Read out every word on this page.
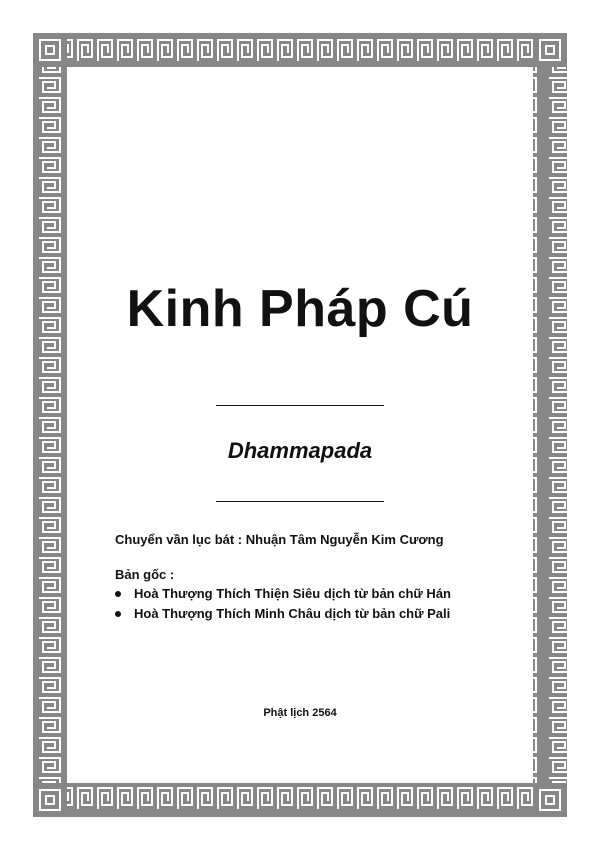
Kinh Pháp Cú
Dhammapada
Chuyển vần lục bát : Nhuận Tâm Nguyễn Kim Cương
Bản gốc :
Hoà Thượng Thích Thiện Siêu dịch từ bản chữ Hán
Hoà Thượng Thích Minh Châu dịch từ bản chữ Pali
Phật lịch 2564
